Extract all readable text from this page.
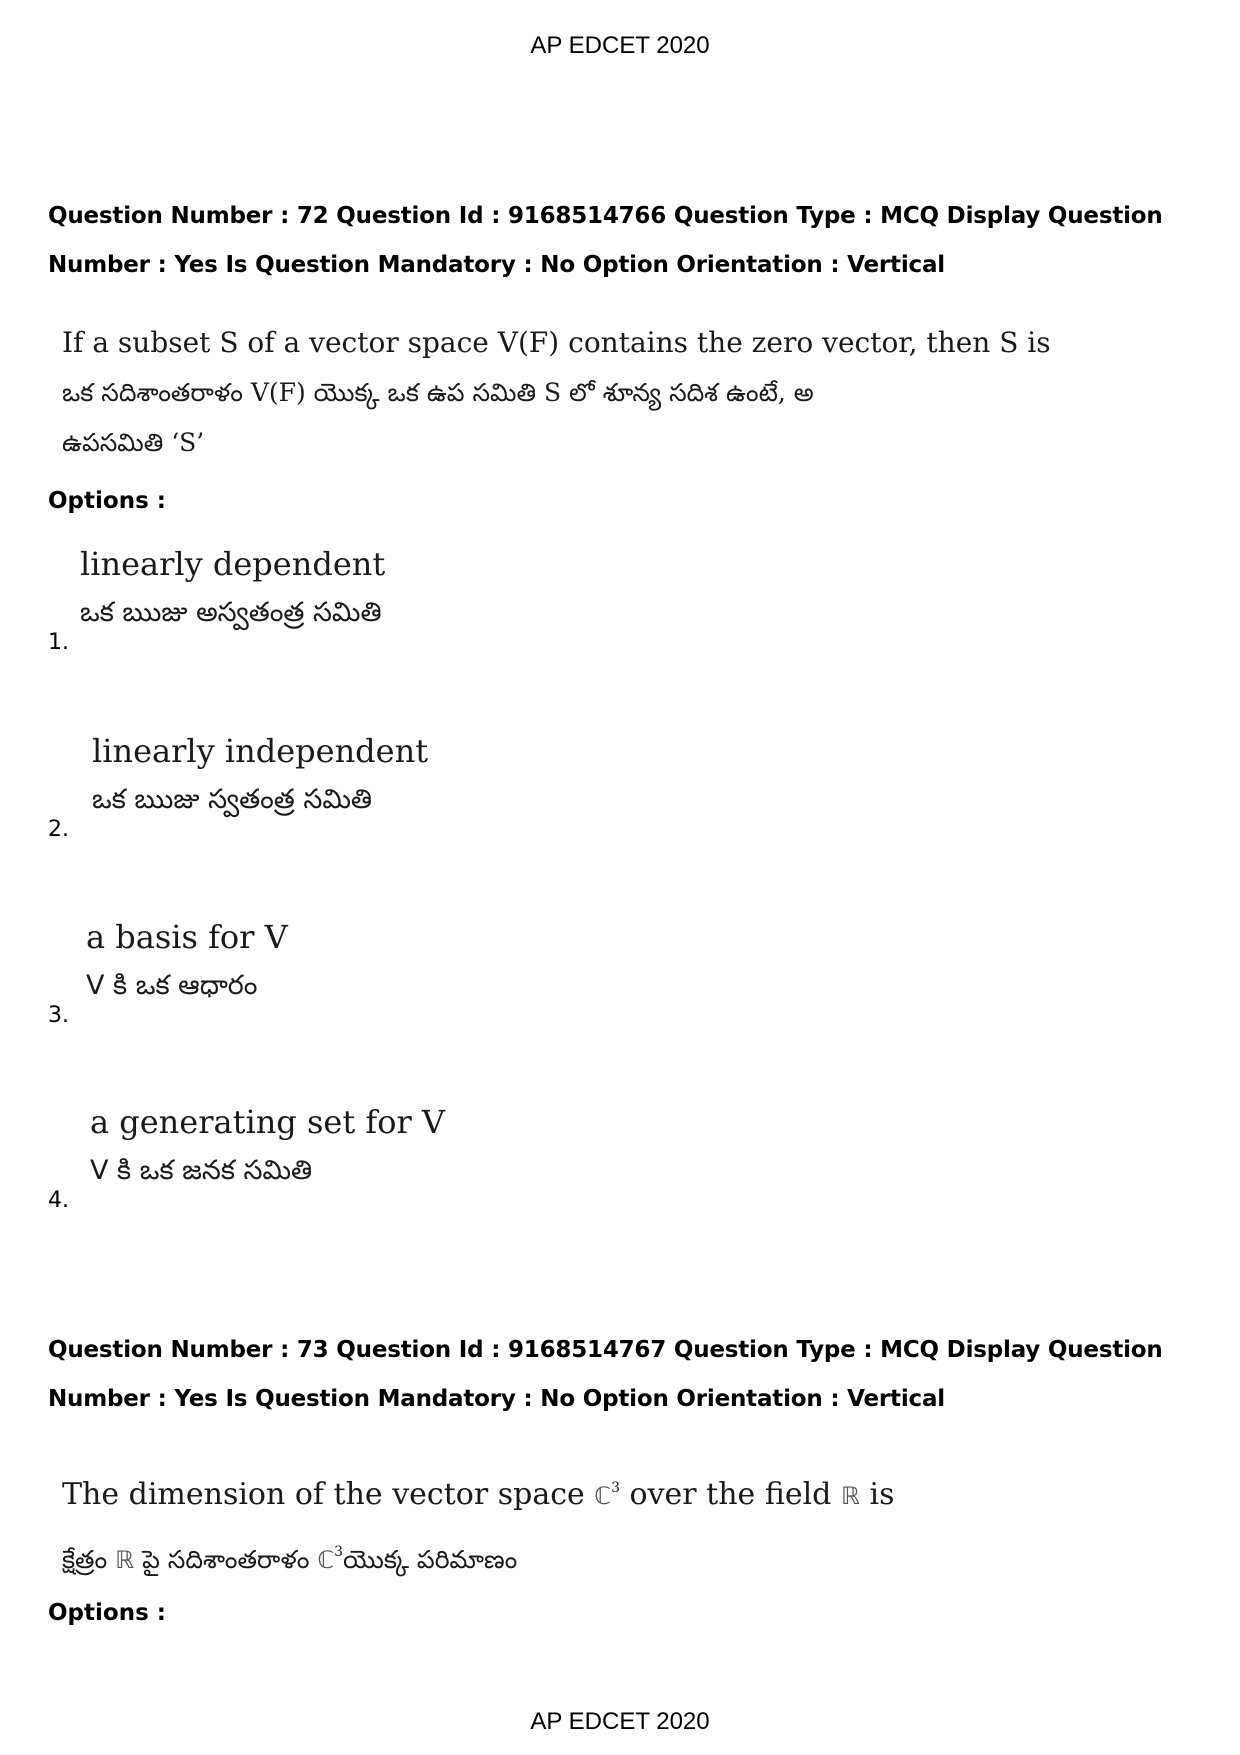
AP EDCET 2020
Question Number : 72 Question Id : 9168514766 Question Type : MCQ Display Question
Number : Yes Is Question Mandatory : No Option Orientation : Vertical
If a subset S of a vector space V(F) contains the zero vector, then S is
ఒక సదిశాంతరాళం V(F) యొక్క ఒక ఉప సమితి S లో శూన్య సదిశ ఉంటే, అ
ఉపసమితి ‘S’
Options :
1.
linearly dependent
ఒక ఋజు అస్వతంత్ర సమితి
2.
linearly independent
ఒక ఋజు స్వతంత్ర సమితి
3.
a basis for V
V కి ఒక ఆధారం
4.
a generating set for V
V కి ఒక జనక సమితి
Question Number : 73 Question Id : 9168514767 Question Type : MCQ Display Question
Number : Yes Is Question Mandatory : No Option Orientation : Vertical
The dimension of the vector space ℂ$^3$ over the field ℝ is
క్షేత్రం ℝ పై సదిశాంతరాళం ℂ$^3$యొక్క పరిమాణం
Options :
AP EDCET 2020
